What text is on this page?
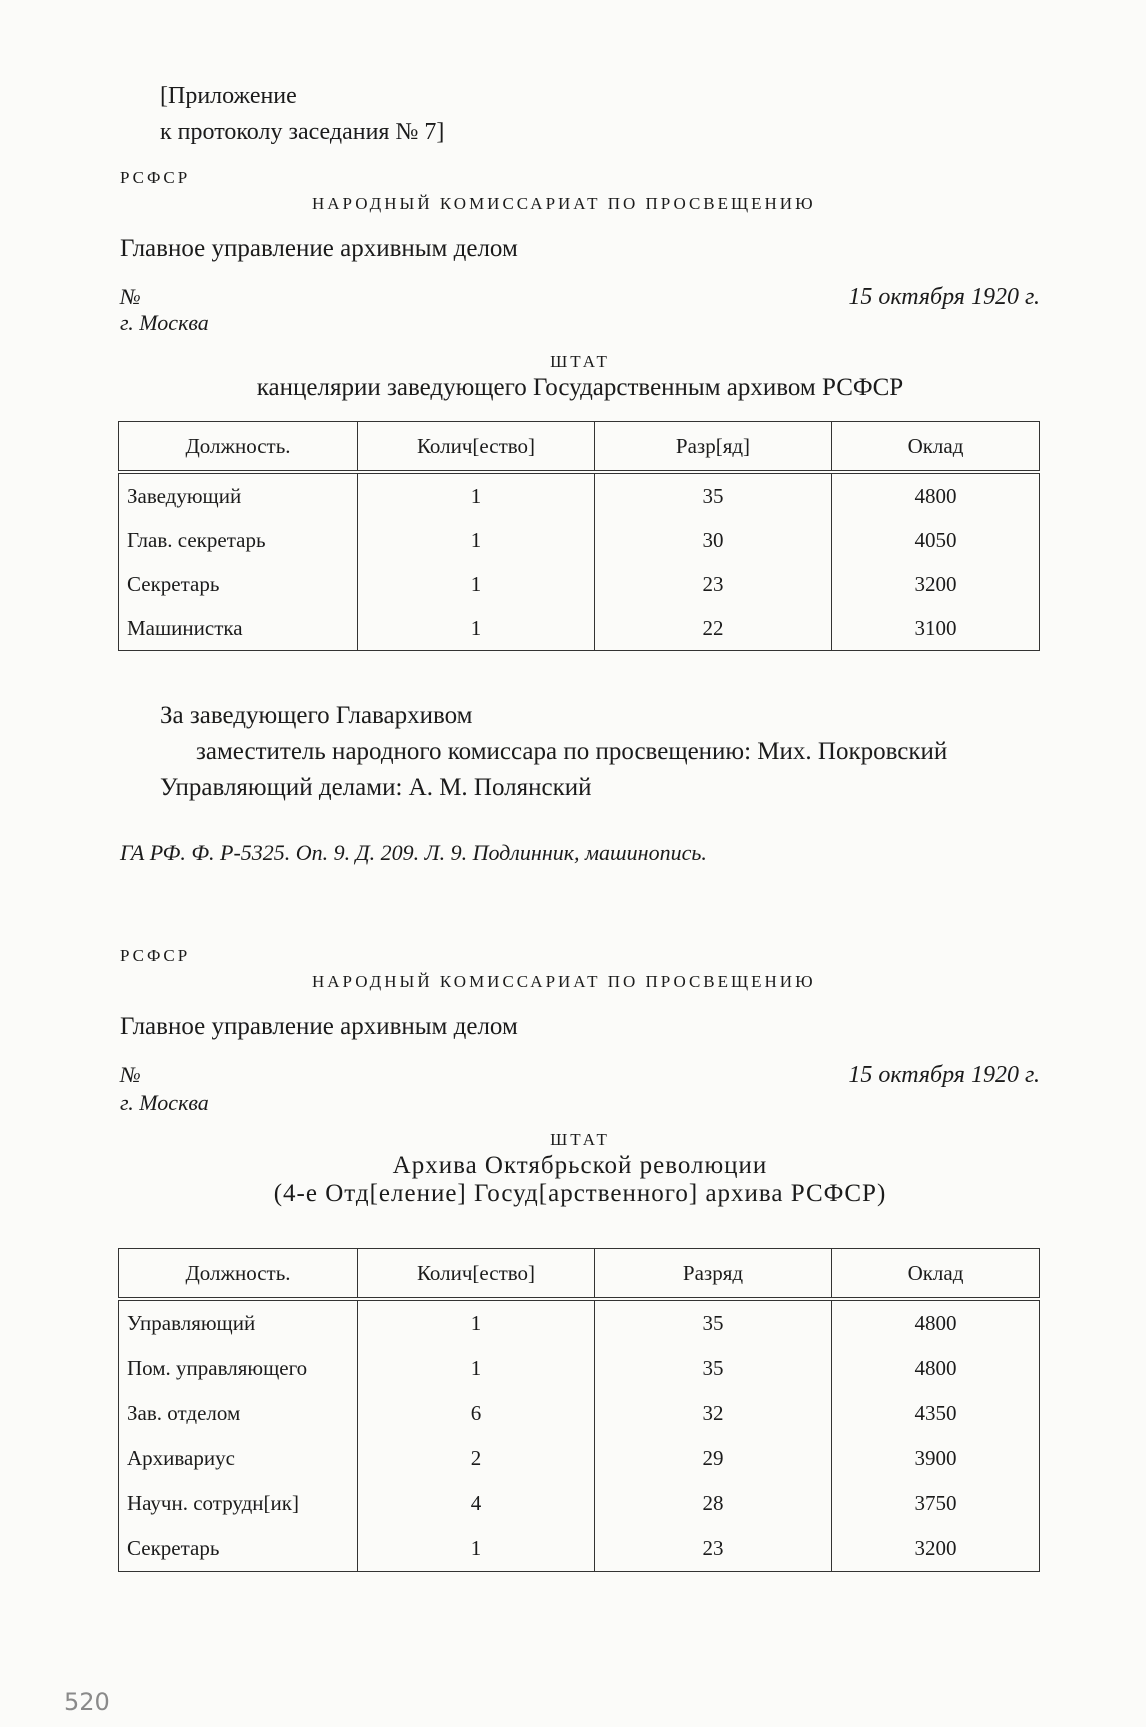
[Приложение
к протоколу заседания № 7]
РСФСР
НАРОДНЫЙ КОМИССАРИАТ ПО ПРОСВЕЩЕНИЮ
Главное управление архивным делом
№	15 октября 1920 г.
г. Москва
ШТАТ
канцелярии заведующего Государственным архивом РСФСР
Должность.	Колич[ество]	Разр[яд]	Оклад
Заведующий	1	35	4800
Глав. секретарь	1	30	4050
Секретарь	1	23	3200
Машинистка	1	22	3100
За заведующего Главархивом
заместитель народного комиссара по просвещению: Мих. Покровский
Управляющий делами: А. М. Полянский
ГА РФ. Ф. Р-5325. Оп. 9. Д. 209. Л. 9. Подлинник, машинопись.
РСФСР
НАРОДНЫЙ КОМИССАРИАТ ПО ПРОСВЕЩЕНИЮ
Главное управление архивным делом
№	15 октября 1920 г.
г. Москва
ШТАТ
Архива Октябрьской революции
(4-е Отд[еление] Госуд[арственного] архива РСФСР)
Должность.	Колич[ество]	Разряд	Оклад
Управляющий	1	35	4800
Пом. управляющего	1	35	4800
Зав. отделом	6	32	4350
Архивариус	2	29	3900
Научн. сотрудн[ик]	4	28	3750
Секретарь	1	23	3200
520
